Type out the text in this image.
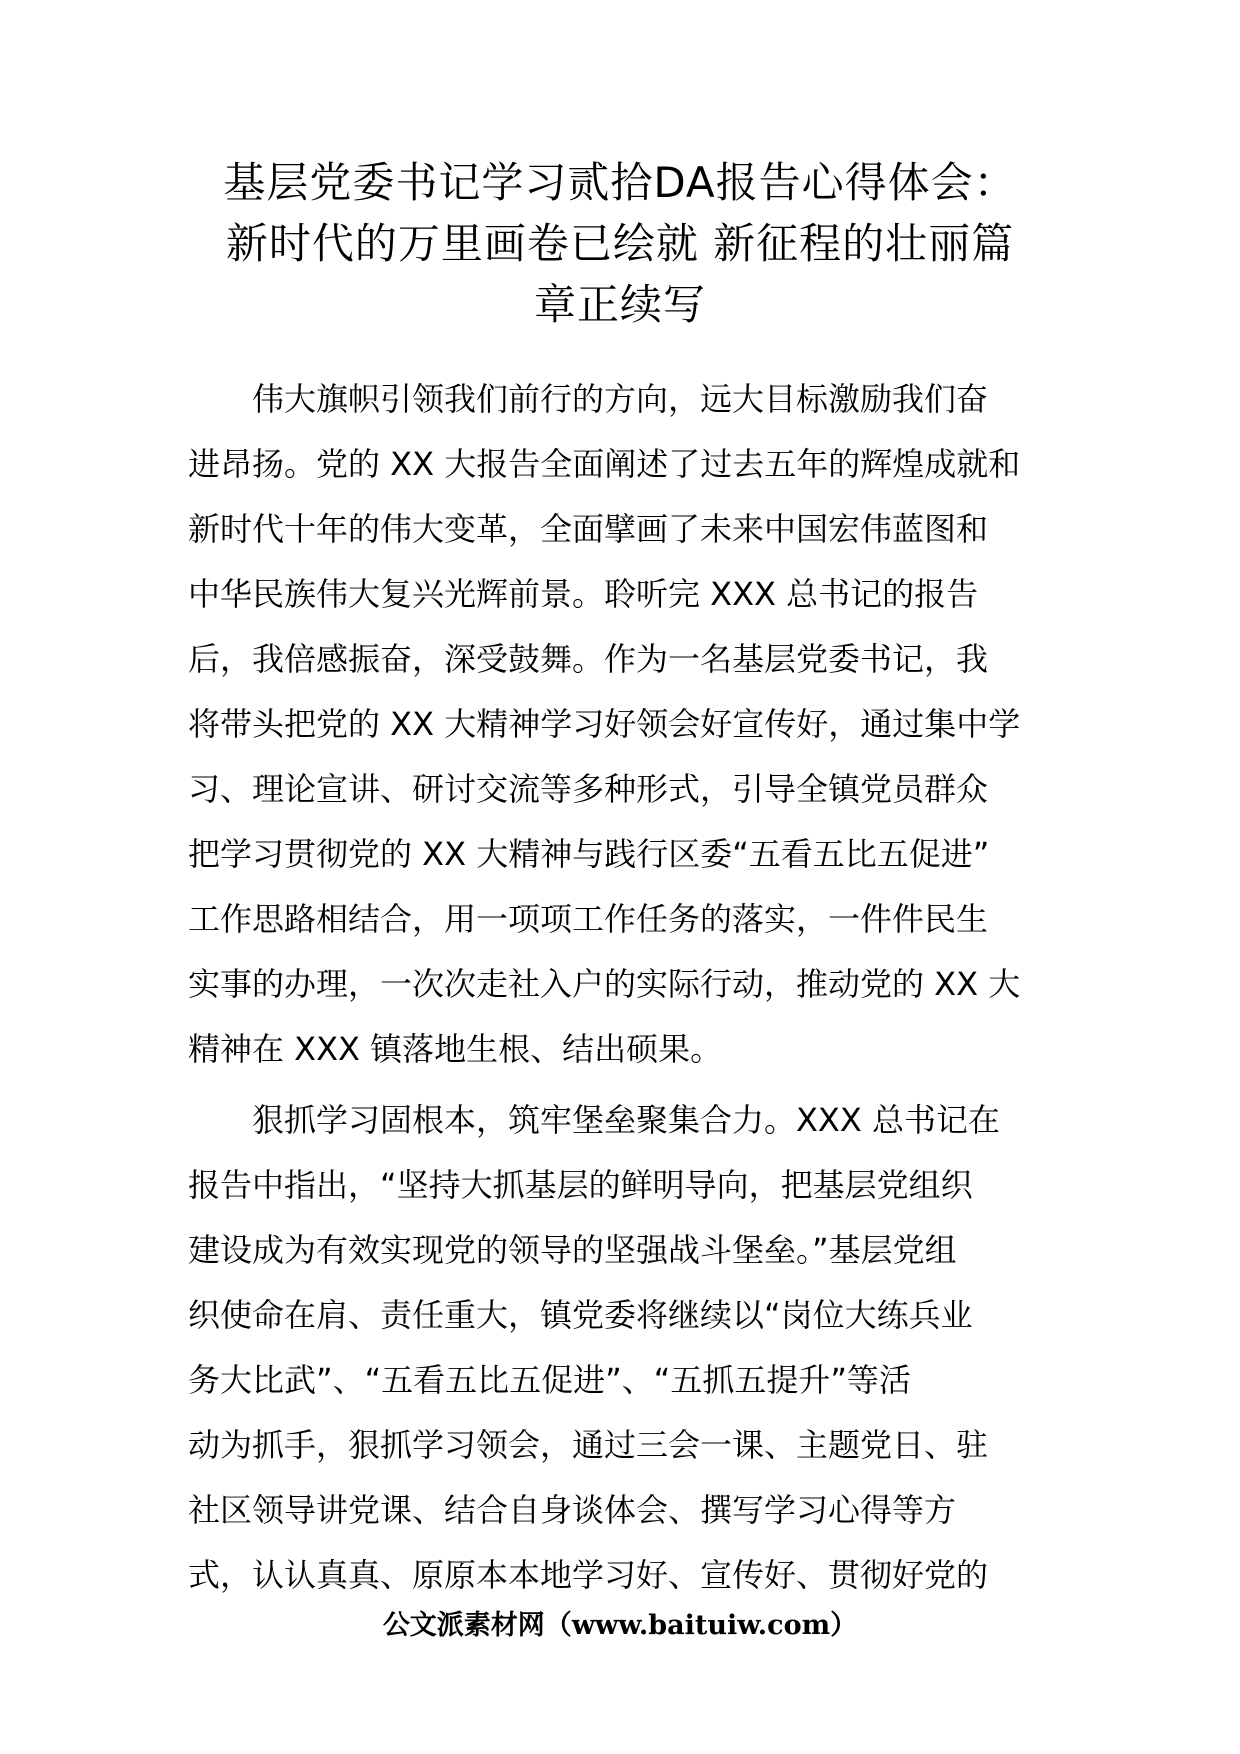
基层党委书记学习贰拾DA报告心得体会：
新时代的万里画卷已绘就 新征程的壮丽篇
章正续写

伟大旗帜引领我们前行的方向，远大目标激励我们奋
进昂扬。党的 XX 大报告全面阐述了过去五年的辉煌成就和
新时代十年的伟大变革，全面擘画了未来中国宏伟蓝图和
中华民族伟大复兴光辉前景。聆听完 XXX 总书记的报告
后，我倍感振奋，深受鼓舞。作为一名基层党委书记，我
将带头把党的 XX 大精神学习好领会好宣传好，通过集中学
习、理论宣讲、研讨交流等多种形式，引导全镇党员群众
把学习贯彻党的 XX 大精神与践行区委“五看五比五促进”
工作思路相结合，用一项项工作任务的落实，一件件民生
实事的办理，一次次走社入户的实际行动，推动党的 XX 大
精神在 XXX 镇落地生根、结出硕果。

狠抓学习固根本，筑牢堡垒聚集合力。XXX 总书记在
报告中指出，“坚持大抓基层的鲜明导向，把基层党组织
建设成为有效实现党的领导的坚强战斗堡垒。”基层党组
织使命在肩、责任重大，镇党委将继续以“岗位大练兵业
务大比武”、“五看五比五促进”、“五抓五提升”等活
动为抓手，狠抓学习领会，通过三会一课、主题党日、驻
社区领导讲党课、结合自身谈体会、撰写学习心得等方
式，认认真真、原原本本地学习好、宣传好、贯彻好党的

公文派素材网（www.baituiw.com）
